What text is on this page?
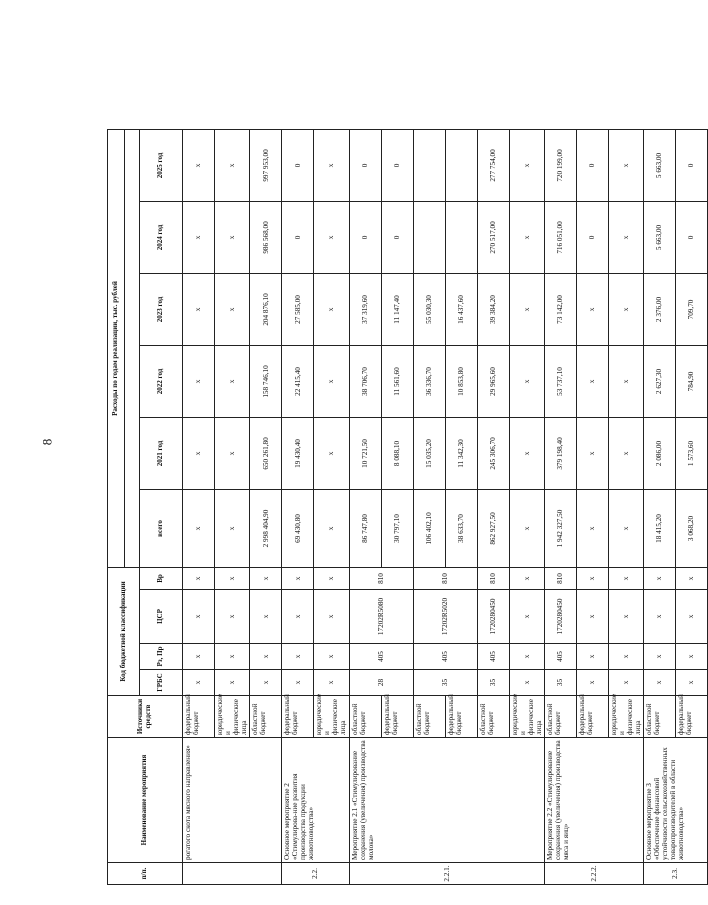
8
п/п.	Наименование мероприятия	Источники средств	Код бюджетной классификации				Расходы по годам реализации, тыс. рублей					

			ГРБС	Рз, Пр	ЦСР	Вр	всего	2021 год	2022 год	2023 год	2024 год	2025 год
	рогатого скота мясного направления»	федеральный бюджет	х	х	х	х	х	х	х	х	х	х
		юридические и физические лица	х	х	х	х	х	х	х	х	х	х
		областной бюджет	х	х	х	х	2 998 404,90	650 261,80	158 746,10	204 876,10	986 568,00	997 953,00
2.2.	Основное мероприятие 2 «Стимулирова-ние развития производства продукции животноводства»	федеральный бюджет	х	х	х	х	69 430,80	19 430,40	22 415,40	27 585,00	0	0
		юридические и физические лица	х	х	х	х	х	х	х	х	х	х
2.2.1.	Мероприятие 2.1 «Стимулирование сохранения (увеличения) производства молока»	областной бюджет	28	405	17202R5080	810	86 747,80	10 721,50	38 706,70	37 319,60	0	0
		федеральный бюджет					30 797,10	8 088,10	11 561,60	11 147,40	0	0
		областной бюджет	35	405	17202R5020	810	106 402,10	15 035,20	36 336,70	55 030,30		
		федеральный бюджет					38 633,70	11 342,30	10 853,80	16 437,60		
		областной бюджет	35	405	1720280450	810	862 927,50	245 306,70	29 965,60	39 384,20	270 517,00	277 754,00
		юридические и физические лица	х	х	х	х	х	х	х	х	х	х
2.2.2.	Мероприятие 2.2 «Стимулирование сохранения (увеличения) производства мяса и яиц»	областной бюджет	35	405	1720280450	810	1 942 327,50	379 198,40	53 737,10	73 142,00	716 051,00	720 199,00
		федеральный бюджет	х	х	х	х	х	х	х	х	0	0
		юридические и физические лица	х	х	х	х	х	х	х	х	х	х
2.3.	Основное мероприятие 3 «Обеспечение финансовой устойчивости сельскохозяйственных товаропроизводителей в области животноводства»	областной бюджет	х	х	х	х	18 415,20	2 086,00	2 627,30	2 376,00	5 663,00	5 663,00
		федеральный бюджет	х	х	х	х	3 068,20	1 573,60	784,90	709,70	0	0
